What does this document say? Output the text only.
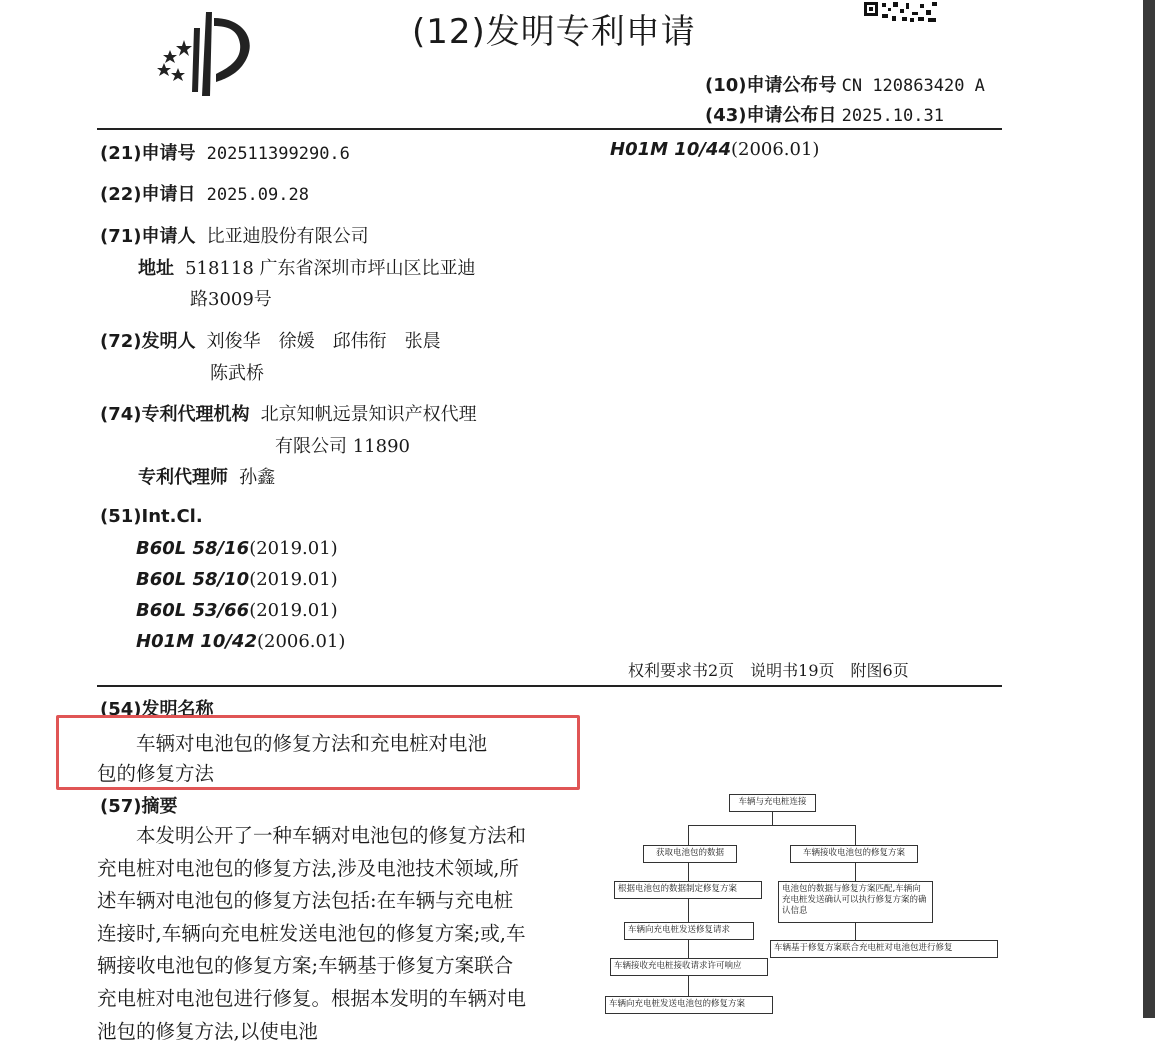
(12)发明专利申请
(10)申请公布号 CN 120863420 A
(43)申请公布日 2025.10.31
(21)申请号 202511399290.6	H01M 10/44(2006.01)
(22)申请日 2025.09.28
(71)申请人 比亚迪股份有限公司
地址 518118 广东省深圳市坪山区比亚迪
路3009号
(72)发明人 刘俊华　徐媛　邱伟衔　张晨
陈武桥
(74)专利代理机构 北京知帆远景知识产权代理
有限公司 11890
专利代理师 孙鑫
(51)Int.Cl.
B60L 58/16(2019.01)
B60L 58/10(2019.01)
B60L 53/66(2019.01)
H01M 10/42(2006.01)
权利要求书2页　说明书19页　附图6页
(54)发明名称
车辆对电池包的修复方法和充电桩对电池
包的修复方法
(57)摘要
　　本发明公开了一种车辆对电池包的修复方法和充电桩对电池包的修复方法,涉及电池技术领域,所述车辆对电池包的修复方法包括:在车辆与充电桩连接时,车辆向充电桩发送电池包的修复方案;或,车辆接收电池包的修复方案;车辆基于修复方案联合充电桩对电池包进行修复。根据本发明的车辆对电池包的修复方法,以使电池
车辆与充电桩连接
获取电池包的数据	车辆接收电池包的修复方案
根据电池包的数据制定修复方案	电池包的数据与修复方案匹配,车辆向充电桩发送确认可以执行修复方案的确认信息
车辆向充电桩发送修复请求
车辆基于修复方案联合充电桩对电池包进行修复
车辆接收充电桩接收请求许可响应
车辆向充电桩发送电池包的修复方案
